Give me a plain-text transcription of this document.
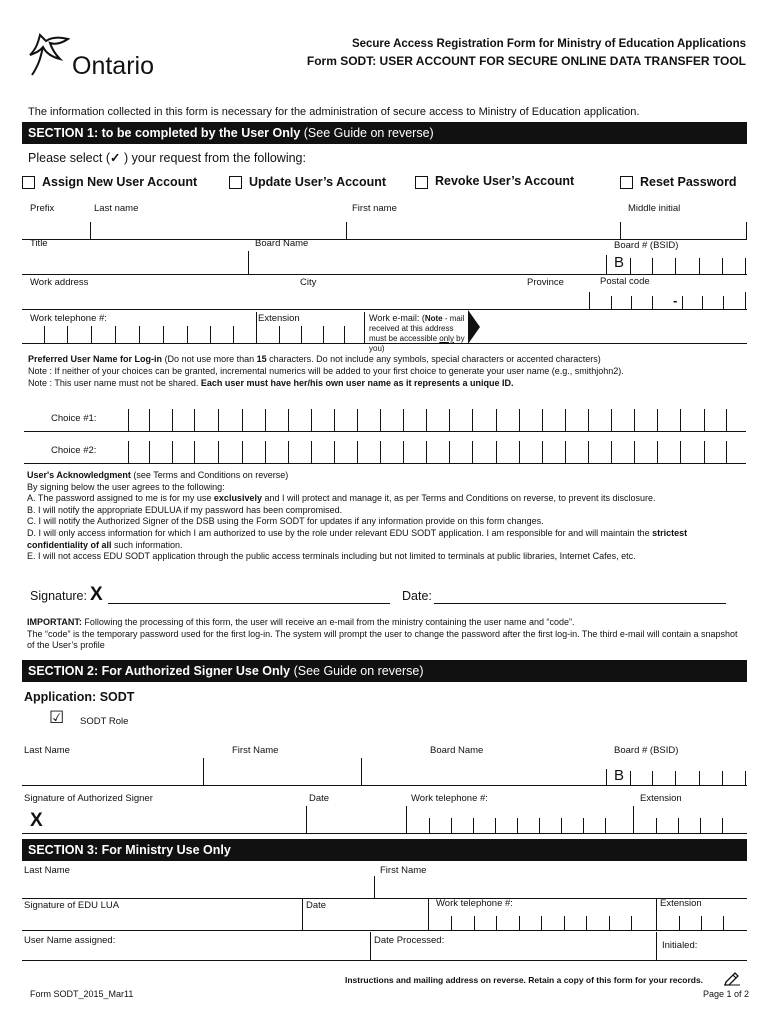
Ontario
Secure Access Registration Form for Ministry of Education Applications
Form SODT: USER ACCOUNT FOR SECURE ONLINE DATA TRANSFER TOOL
The information collected in this form is necessary for the administration of secure access to Ministry of Education application.
SECTION 1: to be completed by the User Only (See Guide on reverse)
Please select (✓ ) your request from the following:
Assign New User Account	Update User’s Account	Revoke User’s Account	Reset Password
Prefix	Last name	First name	Middle initial
Title	Board Name	Board # (BSID)
B
Work address	City	Province	Postal code
-
Work telephone #:	Extension	Work e-mail: (Note - mail received at this address must be accessible only by you)
Preferred User Name for Log-in (Do not use more than 15 characters. Do not include any symbols, special characters or accented characters)
Note : If neither of your choices can be granted, incremental numerics will be added to your first choice to generate your user name (e.g., smithjohn2).
Note : This user name must not be shared. Each user must have her/his own user name as it represents a unique ID.
Choice #1:
Choice #2:
User's Acknowledgment (see Terms and Conditions on reverse)
By signing below the user agrees to the following:
A. The password assigned to me is for my use exclusively and I will protect and manage it, as per Terms and Conditions on reverse, to prevent its disclosure.
B. I will notify the appropriate EDULUA if my password has been compromised.
C. I will notify the Authorized Signer of the DSB using the Form SODT for updates if any information provide on this form changes.
D. I will only access information for which I am authorized to use by the role under relevant EDU SODT application. I am responsible for and will maintain the strictest confidentiality of all such information.
E. I will not access EDU SODT application through the public access terminals including but not limited to terminals at public libraries, Internet Cafes, etc.
Signature: X	Date:
IMPORTANT: Following the processing of this form, the user will receive an e-mail from the ministry containing the user name and “code”.
The “code” is the temporary password used for the first log-in. The system will prompt the user to change the password after the first log-in. The third e-mail will contain a snapshot of the User’s profile
SECTION 2: For Authorized Signer Use Only (See Guide on reverse)
Application: SODT
☑ SODT Role
Last Name	First Name	Board Name	Board # (BSID)
B
Signature of Authorized Signer	Date	Work telephone #:	Extension
X
SECTION 3: For Ministry Use Only
Last Name	First Name
Signature of EDU LUA	Date	Work telephone #:	Extension
User Name assigned:	Date Processed:	Initialed:
Instructions and mailing address on reverse. Retain a copy of this form for your records.
Form SODT_2015_Mar11	Page 1 of 2
